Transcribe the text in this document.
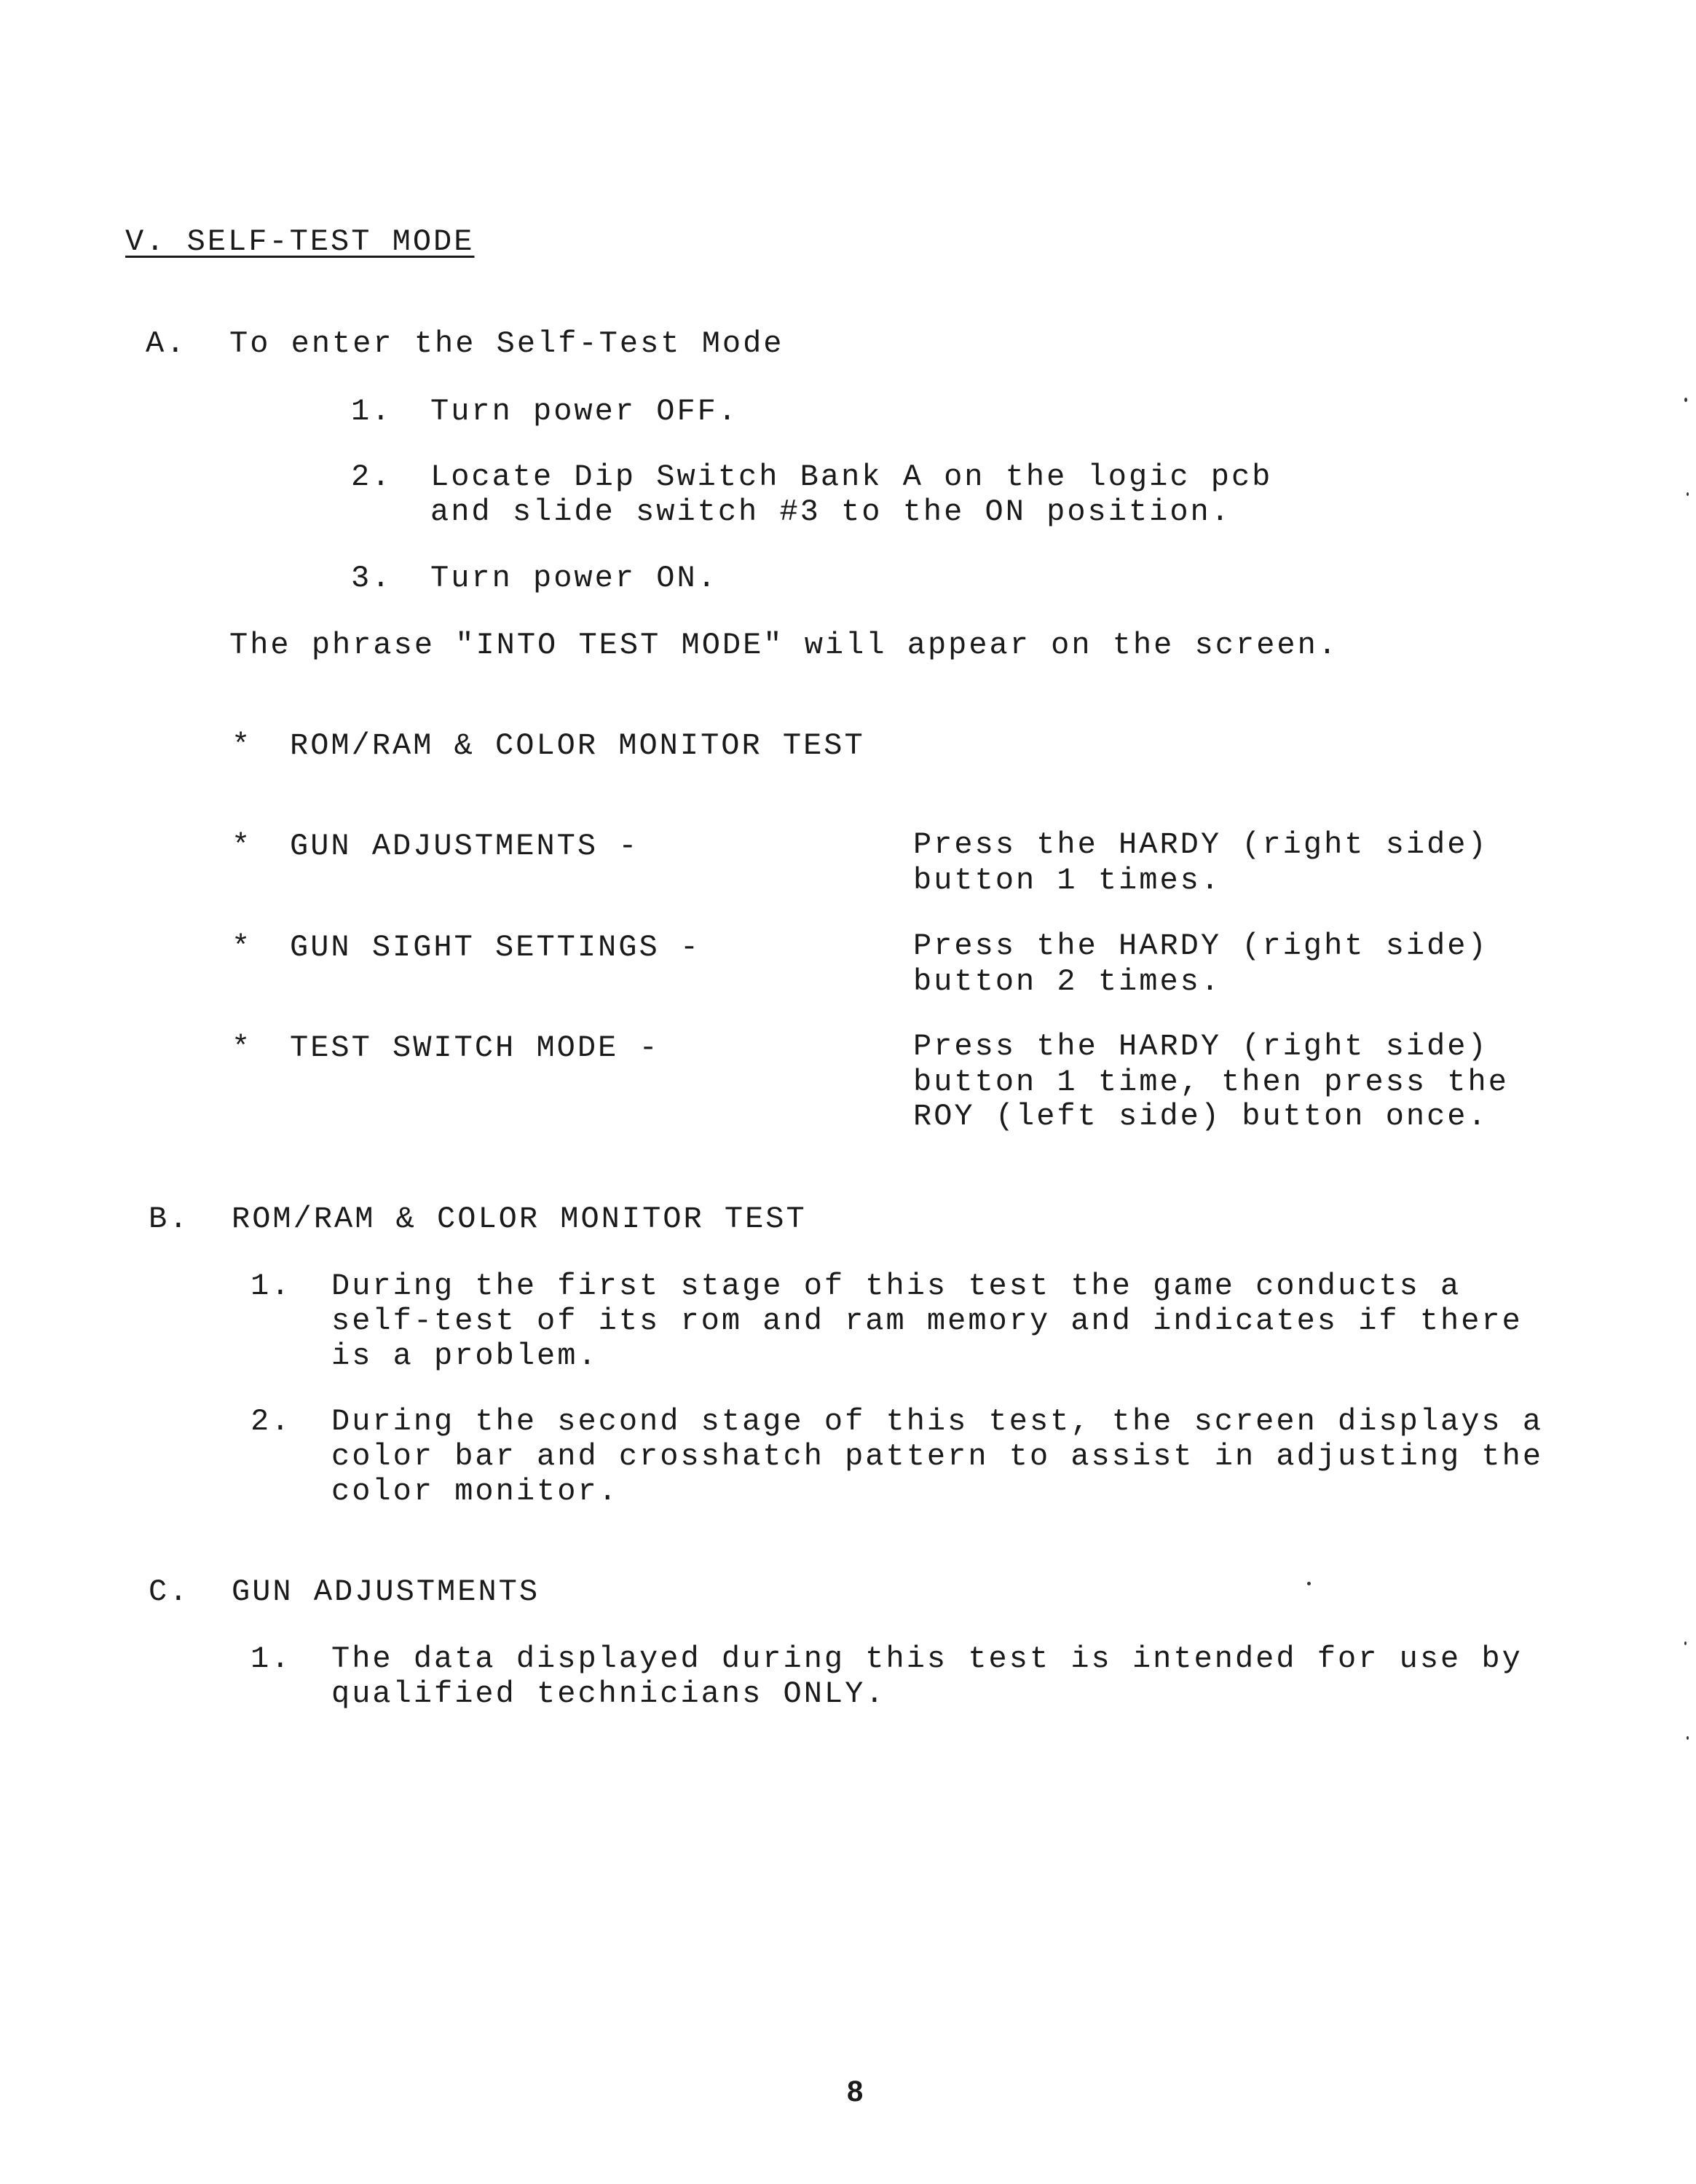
V. SELF-TEST MODE
A. To enter the Self-Test Mode
1. Turn power OFF.
2. Locate Dip Switch Bank A on the logic pcb
and slide switch #3 to the ON position.
3. Turn power ON.
The phrase "INTO TEST MODE" will appear on the screen.
* ROM/RAM & COLOR MONITOR TEST
* GUN ADJUSTMENTS -	Press the HARDY (right side)
button 1 times.
* GUN SIGHT SETTINGS -	Press the HARDY (right side)
button 2 times.
* TEST SWITCH MODE -	Press the HARDY (right side)
button 1 time, then press the
ROY (left side) button once.
B. ROM/RAM & COLOR MONITOR TEST
1. During the first stage of this test the game conducts a
self-test of its rom and ram memory and indicates if there
is a problem.
2. During the second stage of this test, the screen displays a
color bar and crosshatch pattern to assist in adjusting the
color monitor.
C. GUN ADJUSTMENTS
1. The data displayed during this test is intended for use by
qualified technicians ONLY.
8
